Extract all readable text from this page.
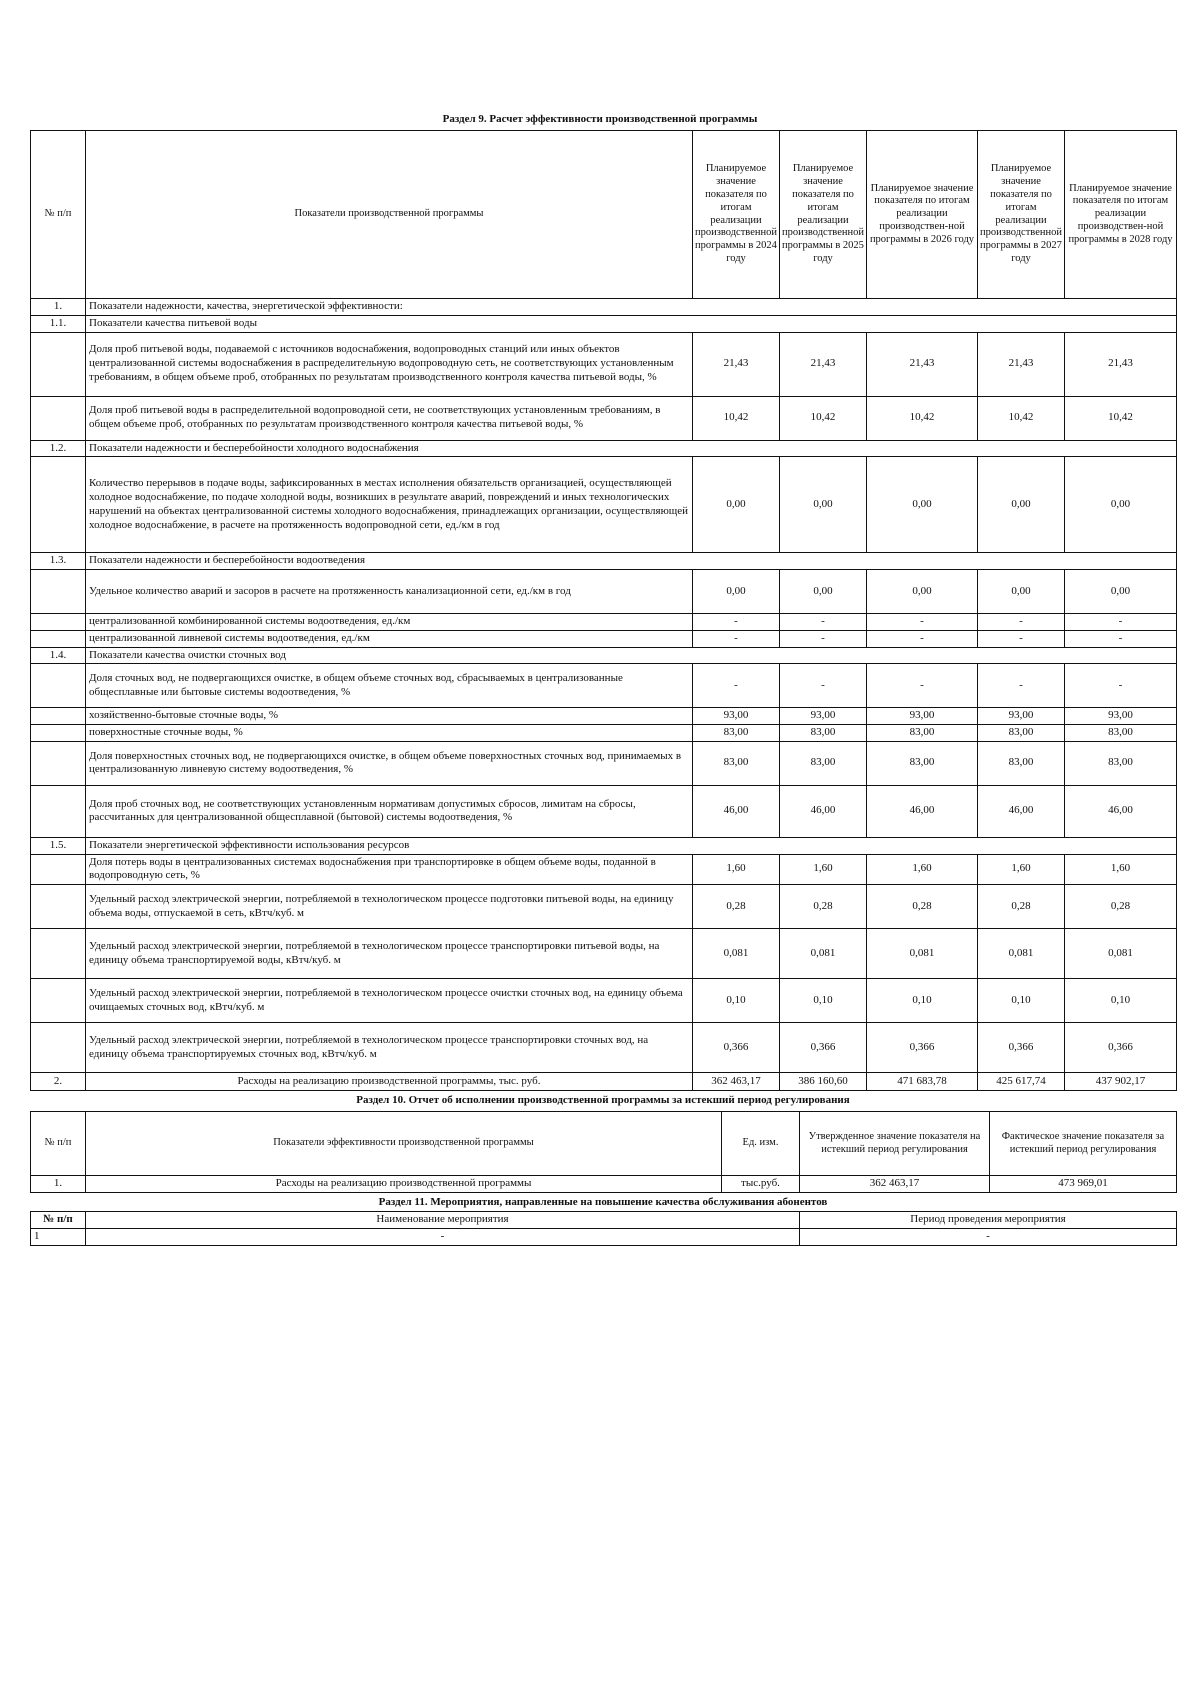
Раздел 9. Расчет эффективности производственной программы
№ п/п	Показатели производственной программы	Планируемое значение показателя по итогам реализации производственной программы в 2024 году	Планируемое значение показателя по итогам реализации производственной программы в 2025 году	Планируемое значение показателя по итогам реализации производствен-ной программы в 2026 году	Планируемое значение показателя по итогам реализации производственной программы в 2027 году	Планируемое значение показателя по итогам реализации производствен-ной программы в 2028 году
1.	Показатели надежности, качества, энергетической эффективности:					
1.1.	Показатели качества питьевой воды					
	Доля проб питьевой воды, подаваемой с источников водоснабжения, водопроводных станций или иных объектов централизованной системы водоснабжения в распределительную водопроводную сеть, не соответствующих установленным требованиям, в общем объеме проб, отобранных по результатам производственного контроля качества питьевой воды, %	21,43	21,43	21,43	21,43	21,43
	Доля проб питьевой воды в распределительной водопроводной сети, не соответствующих установленным требованиям, в общем объеме проб, отобранных по результатам производственного контроля качества питьевой воды, %	10,42	10,42	10,42	10,42	10,42
1.2.	Показатели надежности и бесперебойности холодного водоснабжения					
	Количество перерывов в подаче воды, зафиксированных в местах исполнения обязательств организацией, осуществляющей холодное водоснабжение, по подаче холодной воды, возникших в результате аварий, повреждений и иных технологических нарушений на объектах централизованной системы холодного водоснабжения, принадлежащих организации, осуществляющей холодное водоснабжение, в расчете на протяженность водопроводной сети, ед./км в год	0,00	0,00	0,00	0,00	0,00
1.3.	Показатели надежности и бесперебойности водоотведения					
	Удельное количество аварий и засоров в расчете на протяженность канализационной сети, ед./км в год	0,00	0,00	0,00	0,00	0,00
	централизованной комбинированной системы водоотведения, ед./км	-	-	-	-	-
	централизованной ливневой системы водоотведения, ед./км	-	-	-	-	-
1.4.	Показатели качества очистки сточных вод					
	Доля сточных вод, не подвергающихся очистке, в общем объеме сточных вод, сбрасываемых в централизованные общесплавные или бытовые системы водоотведения, %	-	-	-	-	-
	хозяйственно-бытовые сточные воды, %	93,00	93,00	93,00	93,00	93,00
	поверхностные сточные воды, %	83,00	83,00	83,00	83,00	83,00
	Доля поверхностных сточных вод, не подвергающихся очистке, в общем объеме поверхностных сточных вод, принимаемых в централизованную ливневую систему водоотведения, %	83,00	83,00	83,00	83,00	83,00
	Доля проб сточных вод, не соответствующих установленным нормативам допустимых сбросов, лимитам на сбросы, рассчитанных для централизованной общесплавной (бытовой) системы водоотведения, %	46,00	46,00	46,00	46,00	46,00
1.5.	Показатели энергетической эффективности использования ресурсов					
	Доля потерь воды в централизованных системах водоснабжения при транспортировке в общем объеме воды, поданной в водопроводную сеть, %	1,60	1,60	1,60	1,60	1,60
	Удельный расход электрической энергии, потребляемой в технологическом процессе подготовки питьевой воды, на единицу объема воды, отпускаемой в сеть, кВтч/куб. м	0,28	0,28	0,28	0,28	0,28
	Удельный расход электрической энергии, потребляемой в технологическом процессе транспортировки питьевой воды, на единицу объема транспортируемой воды, кВтч/куб. м	0,081	0,081	0,081	0,081	0,081
	Удельный расход электрической энергии, потребляемой в технологическом процессе очистки сточных вод, на единицу объема очищаемых сточных вод, кВтч/куб. м	0,10	0,10	0,10	0,10	0,10
	Удельный расход электрической энергии, потребляемой в технологическом процессе транспортировки сточных вод, на единицу объема транспортируемых сточных вод, кВтч/куб. м	0,366	0,366	0,366	0,366	0,366
2.	Расходы на реализацию производственной программы, тыс. руб.	362 463,17	386 160,60	471 683,78	425 617,74	437 902,17
Раздел 10. Отчет об исполнении производственной программы за истекший период регулирования
№ п/п	Показатели эффективности производственной программы	Ед. изм.	Утвержденное значение показателя на истекший период регулирования	Фактическое значение показателя за истекший период регулирования
1.	Расходы на реализацию производственной программы	тыс.руб.	362 463,17	473 969,01
Раздел 11. Мероприятия, направленные на повышение качества обслуживания абонентов
№ п/п	Наименование мероприятия	Период проведения мероприятия
1	-	-
